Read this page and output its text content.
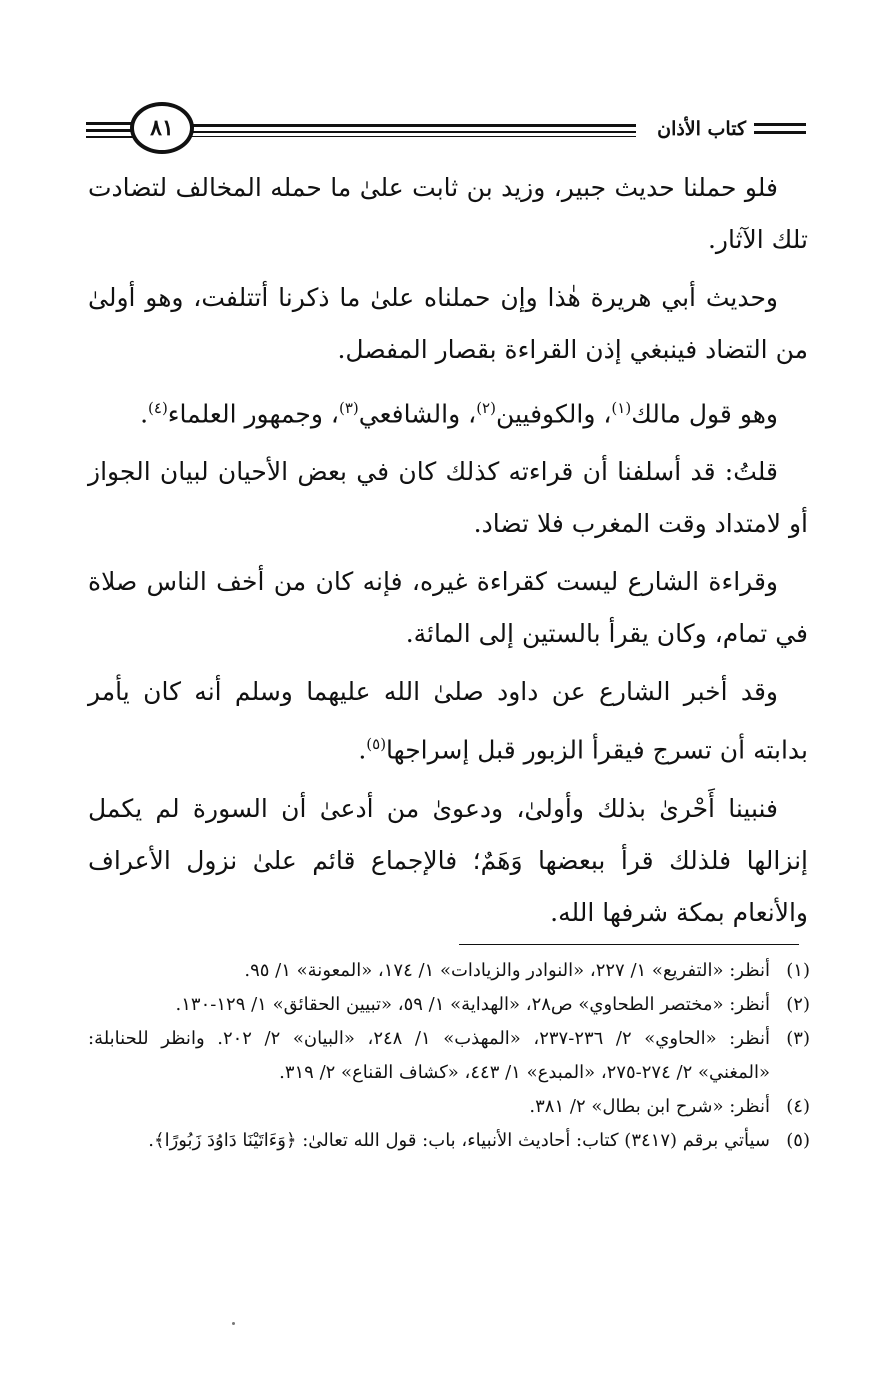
كتاب الأذان
٨١

فلو حملنا حديث جبير، وزيد بن ثابت علىٰ ما حمله المخالف لتضادت تلك الآثار.

وحديث أبي هريرة هٰذا وإن حملناه علىٰ ما ذكرنا أتتلفت، وهو أولىٰ من التضاد فينبغي إذن القراءة بقصار المفصل.

وهو قول مالك$^{(١)}$، والكوفيين$^{(٢)}$، والشافعي$^{(٣)}$، وجمهور العلماء$^{(٤)}$.

قلتُ: قد أسلفنا أن قراءته كذلك كان في بعض الأحيان لبيان الجواز أو لامتداد وقت المغرب فلا تضاد.

وقراءة الشارع ليست كقراءة غيره، فإنه كان من أخف الناس صلاة في تمام، وكان يقرأ بالستين إلى المائة.

وقد أخبر الشارع عن داود صلىٰ الله عليهما وسلم أنه كان يأمر بدابته أن تسرج فيقرأ الزبور قبل إسراجها$^{(٥)}$.

فنبينا أَحْرىٰ بذلك وأولىٰ، ودعوىٰ من أدعىٰ أن السورة لم يكمل إنزالها فلذلك قرأ ببعضها وَهَمٌ؛ فالإجماع قائم علىٰ نزول الأعراف والأنعام بمكة شرفها الله.

(١)
أنظر: «التفريع» ١/ ٢٢٧، «النوادر والزيادات» ١/ ١٧٤، «المعونة» ١/ ٩٥.

(٢)
أنظر: «مختصر الطحاوي» ص٢٨، «الهداية» ١/ ٥٩، «تبيين الحقائق» ١/ ١٢٩-١٣٠.

(٣)
أنظر: «الحاوي» ٢/ ٢٣٦-٢٣٧، «المهذب» ١/ ٢٤٨، «البيان» ٢/ ٢٠٢. وانظر للحنابلة: «المغني» ٢/ ٢٧٤-٢٧٥، «المبدع» ١/ ٤٤٣، «كشاف القناع» ٢/ ٣١٩.

(٤)
أنظر: «شرح ابن بطال» ٢/ ٣٨١.

(٥)
سيأتي برقم (٣٤١٧) كتاب: أحاديث الأنبياء، باب: قول الله تعالىٰ: ﴿وَءَاتَيْنَا دَاوُدَ زَبُورًا﴾.
